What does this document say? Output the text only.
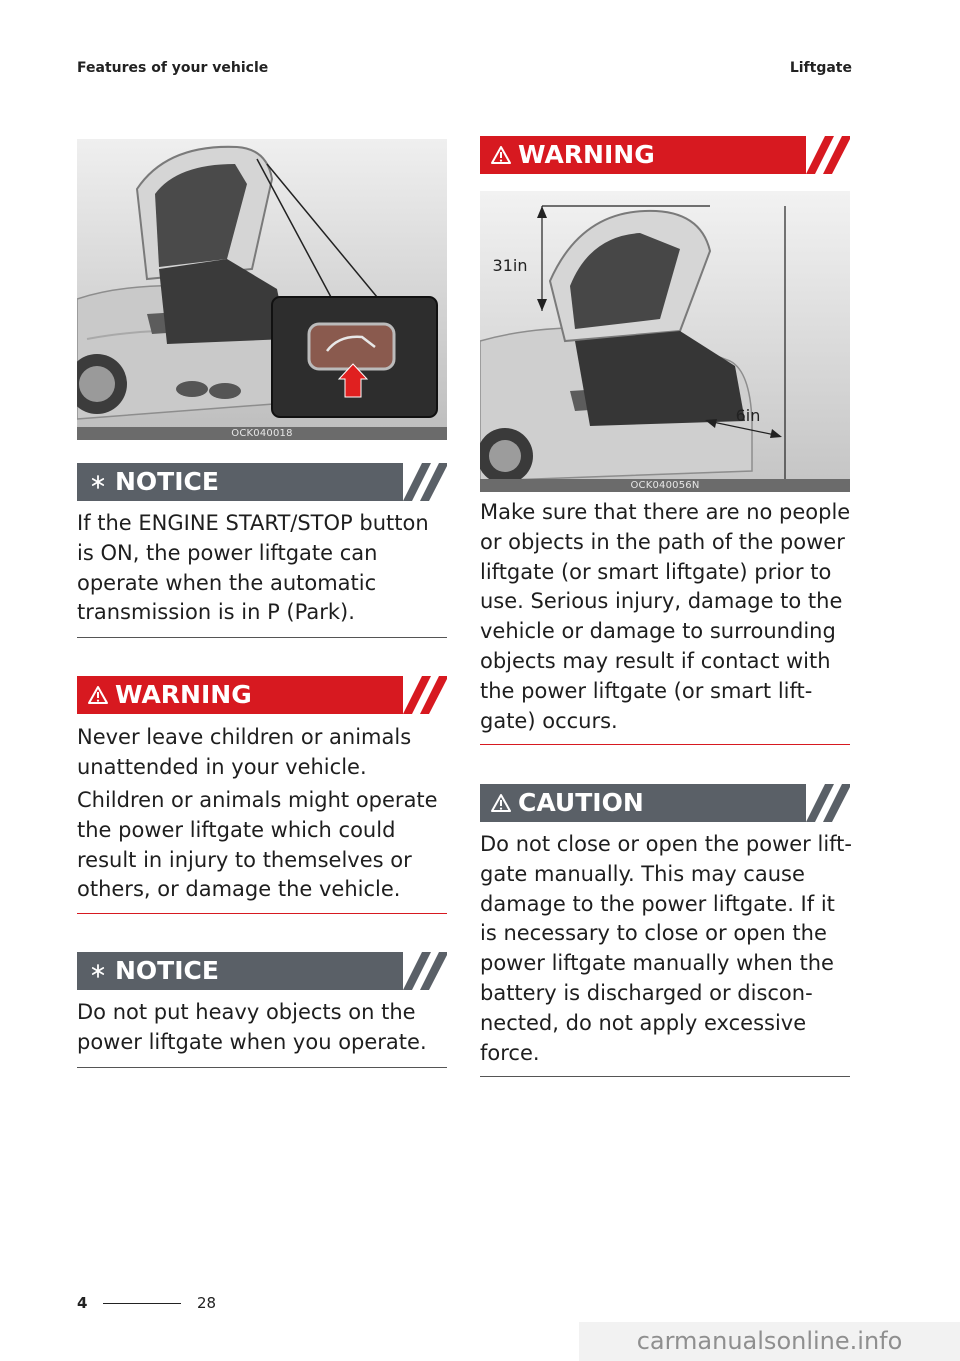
Features of your vehicle	Liftgate
OCK040018
NOTICE

If the ENGINE START/STOP button is ON, the power liftgate can operate when the automatic transmission is in P (Park).

WARNING

Never leave children or animals unattended in your vehicle.

Children or animals might operate the power liftgate which could result in injury to themselves or others, or damage the vehicle.

NOTICE

Do not put heavy objects on the power liftgate when you operate.

WARNING
31in
6in
OCK040056N

Make sure that there are no people or objects in the path of the power liftgate (or smart liftgate) prior to use. Serious injury, damage to the vehicle or damage to surrounding objects may result if contact with the power liftgate (or smart lift-gate) occurs.

CAUTION

Do not close or open the power lift-gate manually. This may cause damage to the power liftgate. If it is necessary to close or open the power liftgate manually when the battery is discharged or discon-nected, do not apply excessive force.

4	28
carmanualsonline.info
